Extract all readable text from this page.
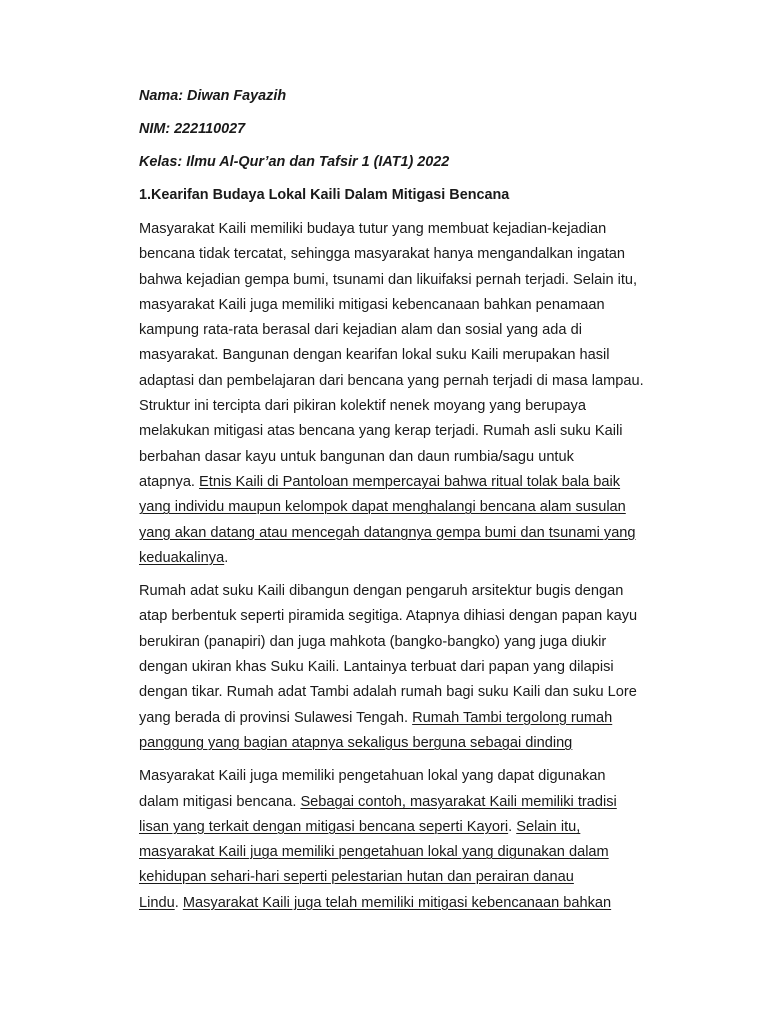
Nama: Diwan Fayazih

NIM: 222110027

Kelas: Ilmu Al-Qur’an dan Tafsir 1 (IAT1) 2022

1.Kearifan Budaya Lokal Kaili Dalam Mitigasi Bencana

Masyarakat Kaili memiliki budaya tutur yang membuat kejadian-kejadian
bencana tidak tercatat, sehingga masyarakat hanya mengandalkan ingatan
bahwa kejadian gempa bumi, tsunami dan likuifaksi pernah terjadi. Selain itu,
masyarakat Kaili juga memiliki mitigasi kebencanaan bahkan penamaan
kampung rata-rata berasal dari kejadian alam dan sosial yang ada di
masyarakat. Bangunan dengan kearifan lokal suku Kaili merupakan hasil
adaptasi dan pembelajaran dari bencana yang pernah terjadi di masa lampau.
Struktur ini tercipta dari pikiran kolektif nenek moyang yang berupaya
melakukan mitigasi atas bencana yang kerap terjadi. Rumah asli suku Kaili
berbahan dasar kayu untuk bangunan dan daun rumbia/sagu untuk
atapnya. Etnis Kaili di Pantoloan mempercayai bahwa ritual tolak bala baik
yang individu maupun kelompok dapat menghalangi bencana alam susulan
yang akan datang atau mencegah datangnya gempa bumi dan tsunami yang
keduakalinya.
Rumah adat suku Kaili dibangun dengan pengaruh arsitektur bugis dengan
atap berbentuk seperti piramida segitiga. Atapnya dihiasi dengan papan kayu
berukiran (panapiri) dan juga mahkota (bangko-bangko) yang juga diukir
dengan ukiran khas Suku Kaili. Lantainya terbuat dari papan yang dilapisi
dengan tikar. Rumah adat Tambi adalah rumah bagi suku Kaili dan suku Lore
yang berada di provinsi Sulawesi Tengah. Rumah Tambi tergolong rumah
panggung yang bagian atapnya sekaligus berguna sebagai dinding
Masyarakat Kaili juga memiliki pengetahuan lokal yang dapat digunakan
dalam mitigasi bencana. Sebagai contoh, masyarakat Kaili memiliki tradisi
lisan yang terkait dengan mitigasi bencana seperti Kayori. Selain itu,
masyarakat Kaili juga memiliki pengetahuan lokal yang digunakan dalam
kehidupan sehari-hari seperti pelestarian hutan dan perairan danau
Lindu. Masyarakat Kaili juga telah memiliki mitigasi kebencanaan bahkan
